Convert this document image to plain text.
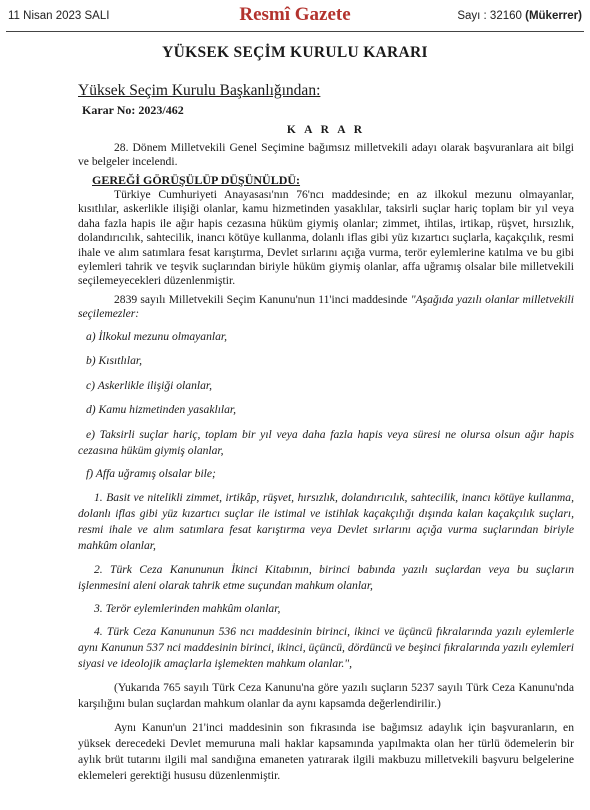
11 Nisan 2023 SALI	Resmî Gazete	Sayı : 32160 (Mükerrer)
YÜKSEK SEÇİM KURULU KARARI

Yüksek Seçim Kurulu Başkanlığından:

Karar No: 2023/462

K A R A R

28. Dönem Milletvekili Genel Seçimine bağımsız milletvekili adayı olarak başvuranlara ait bilgi ve belgeler incelendi.

GEREĞİ GÖRÜŞÜLÜP DÜŞÜNÜLDÜ:

Türkiye Cumhuriyeti Anayasası'nın 76'ncı maddesinde; en az ilkokul mezunu olmayanlar, kısıtlılar, askerlikle ilişiği olanlar, kamu hizmetinden yasaklılar, taksirli suçlar hariç toplam bir yıl veya daha fazla hapis ile ağır hapis cezasına hüküm giymiş olanlar; zimmet, ihtilas, irtikap, rüşvet, hırsızlık, dolandırıcılık, sahtecilik, inancı kötüye kullanma, dolanlı iflas gibi yüz kızartıcı suçlarla, kaçakçılık, resmi ihale ve alım satımlara fesat karıştırma, Devlet sırlarını açığa vurma, terör eylemlerine katılma ve bu gibi eylemleri tahrik ve teşvik suçlarından biriyle hüküm giymiş olanlar, affa uğramış olsalar bile milletvekili seçilemeyecekleri düzenlenmiştir.

2839 sayılı Milletvekili Seçim Kanunu'nun 11'inci maddesinde "Aşağıda yazılı olanlar milletvekili seçilemezler:

a) İlkokul mezunu olmayanlar,

b) Kısıtlılar,

c) Askerlikle ilişiği olanlar,

d) Kamu hizmetinden yasaklılar,

e) Taksirli suçlar hariç, toplam bir yıl veya daha fazla hapis veya süresi ne olursa olsun ağır hapis cezasına hüküm giymiş olanlar,

f) Affa uğramış olsalar bile;

1. Basit ve nitelikli zimmet, irtikâp, rüşvet, hırsızlık, dolandırıcılık, sahtecilik, inancı kötüye kullanma, dolanlı iflas gibi yüz kızartıcı suçlar ile istimal ve istihlak kaçakçılığı dışında kalan kaçakçılık suçları, resmi ihale ve alım satımlara fesat karıştırma veya Devlet sırlarını açığa vurma suçlarından biriyle mahkûm olanlar,

2. Türk Ceza Kanununun İkinci Kitabının, birinci babında yazılı suçlardan veya bu suçların işlenmesini aleni olarak tahrik etme suçundan mahkum olanlar,

3. Terör eylemlerinden mahkûm olanlar,

4. Türk Ceza Kanununun 536 ncı maddesinin birinci, ikinci ve üçüncü fıkralarında yazılı eylemlerle aynı Kanunun 537 nci maddesinin birinci, ikinci, üçüncü, dördüncü ve beşinci fıkralarında yazılı eylemleri siyasi ve ideolojik amaçlarla işlemekten mahkum olanlar.",

(Yukarıda 765 sayılı Türk Ceza Kanunu'na göre yazılı suçların 5237 sayılı Türk Ceza Kanunu'nda karşılığını bulan suçlardan mahkum olanlar da aynı kapsamda değerlendirilir.)

Aynı Kanun'un 21'inci maddesinin son fıkrasında ise bağımsız adaylık için başvuranların, en yüksek derecedeki Devlet memuruna mali haklar kapsamında yapılmakta olan her türlü ödemelerin bir aylık brüt tutarını ilgili mal sandığına emaneten yatırarak ilgili makbuzu milletvekili başvuru belgelerine eklemeleri gerektiği hususu düzenlenmiştir.
